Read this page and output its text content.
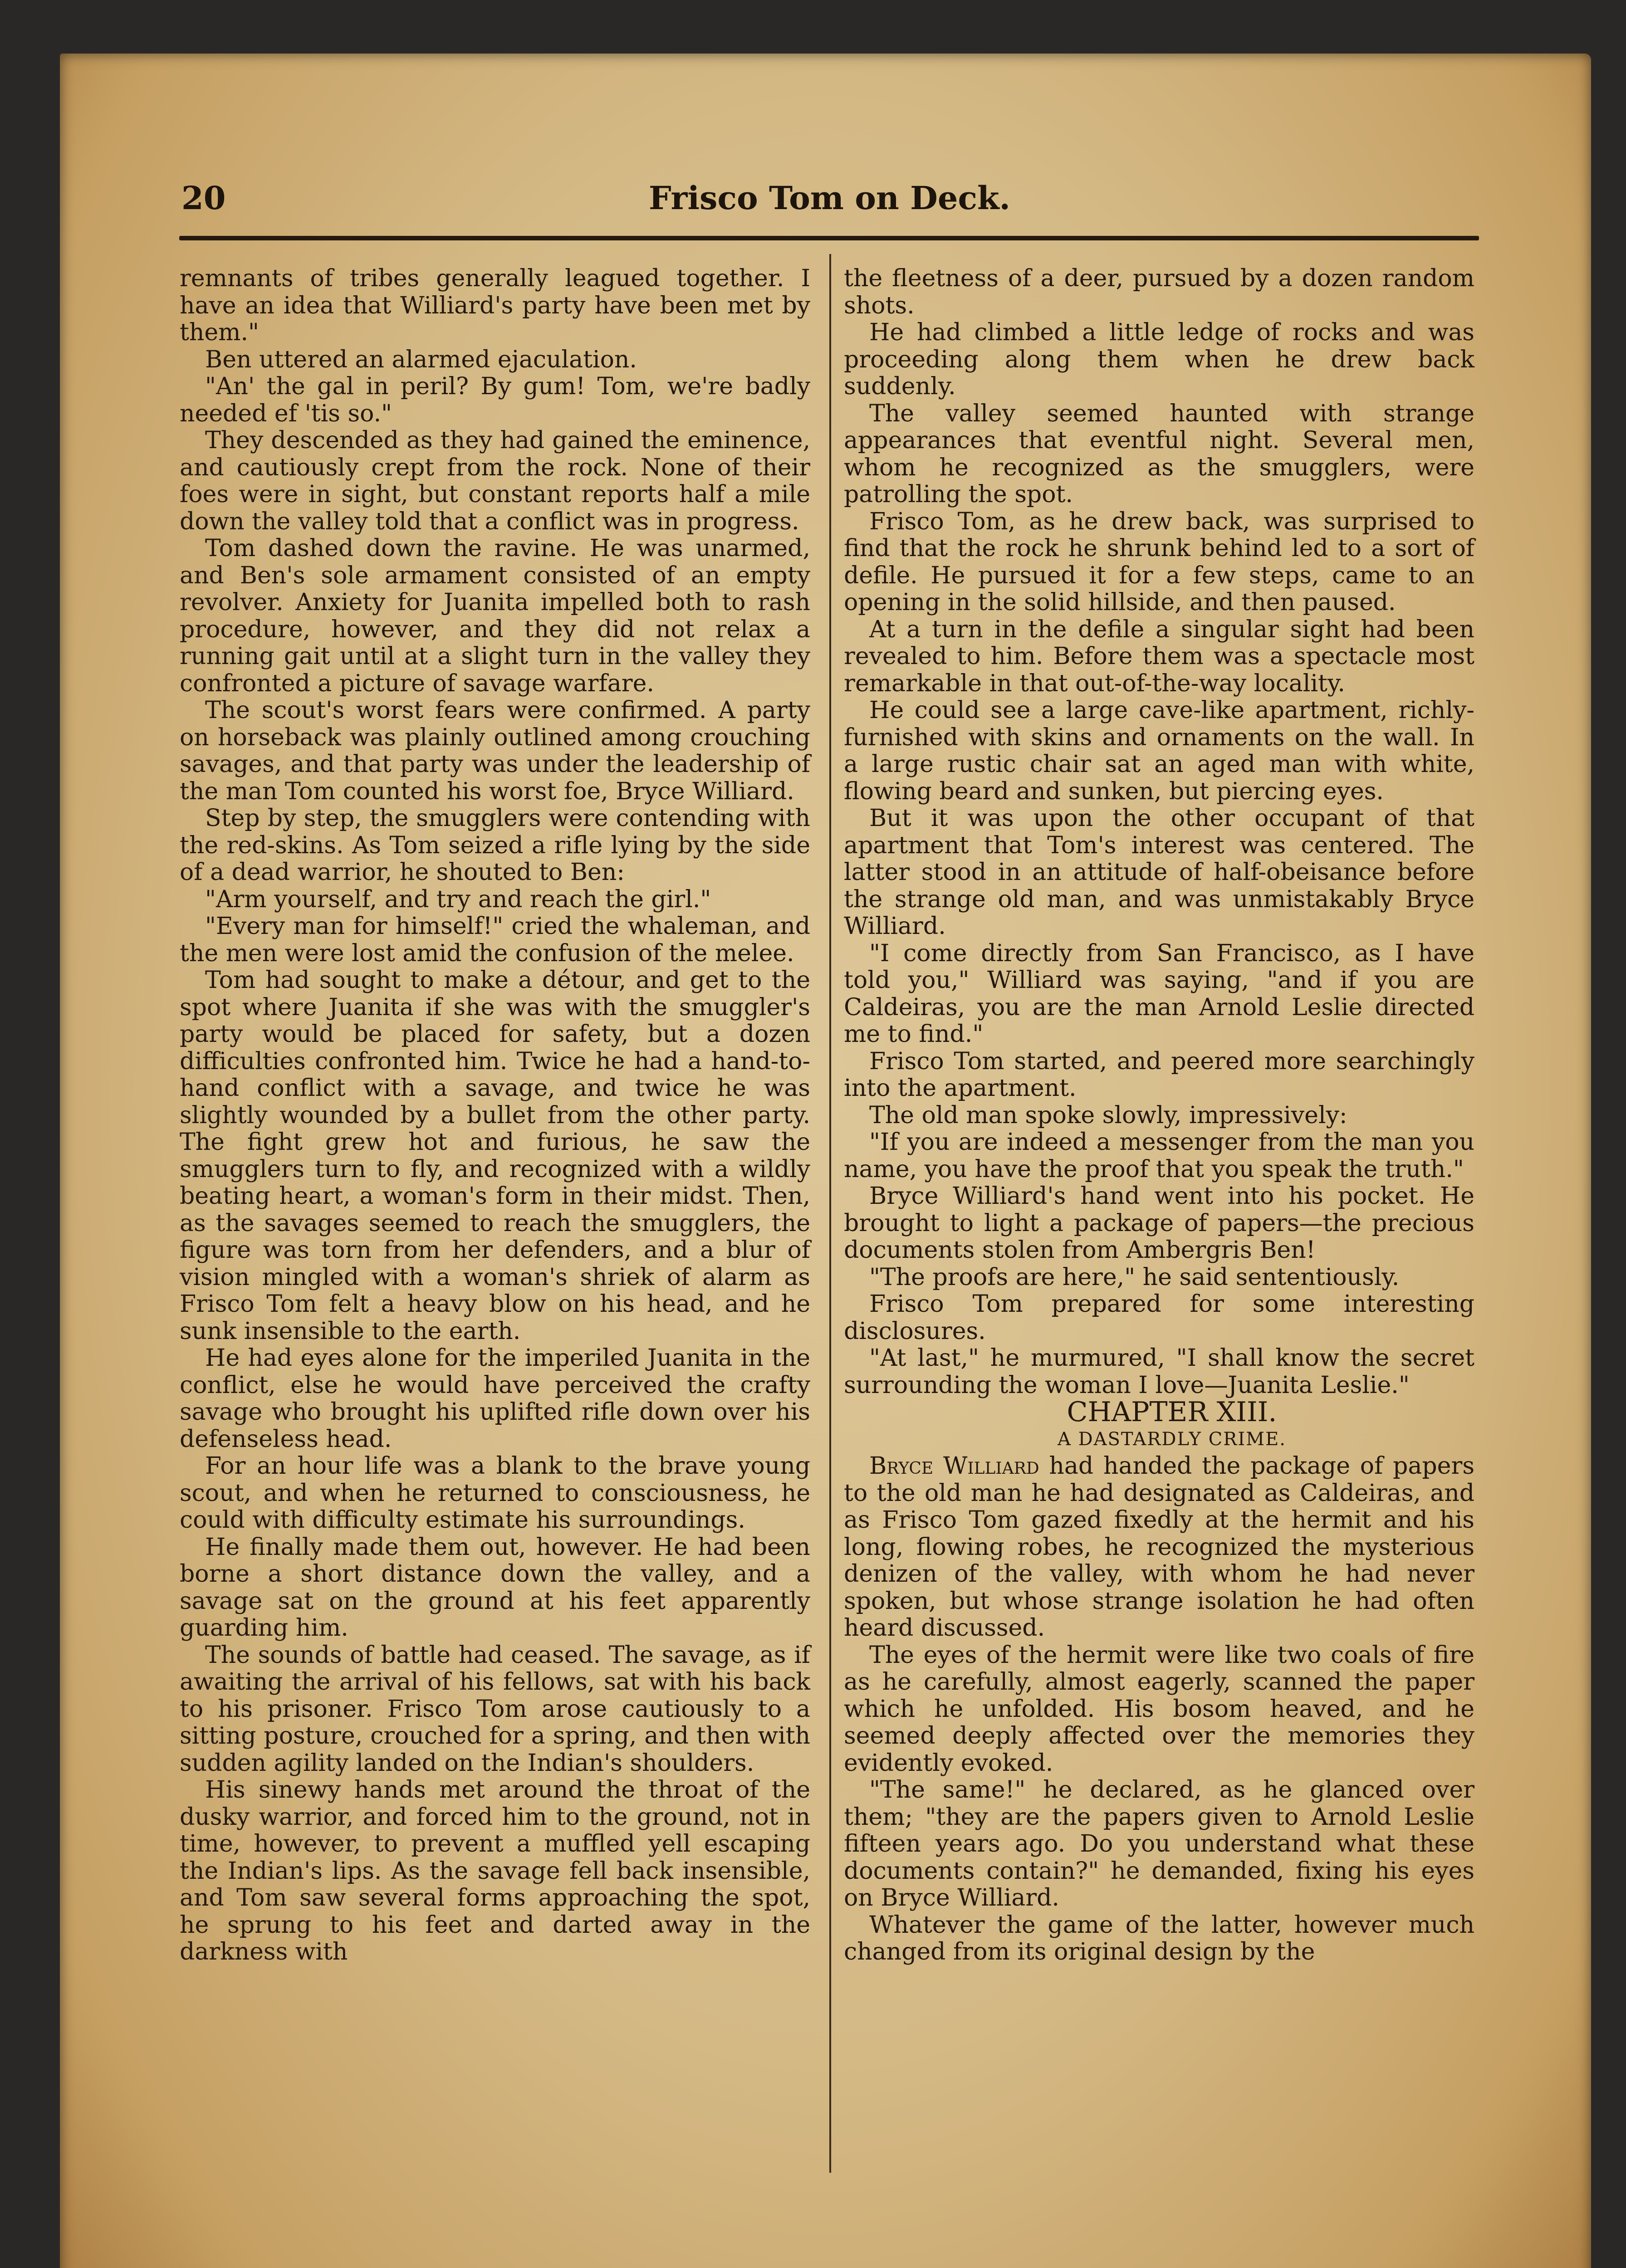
20	Frisco Tom on Deck.

remnants of tribes generally leagued together. I have an idea that Williard's party have been met by them."

Ben uttered an alarmed ejaculation.

"An' the gal in peril? By gum! Tom, we're badly needed ef 'tis so."

They descended as they had gained the eminence, and cautiously crept from the rock. None of their foes were in sight, but constant reports half a mile down the valley told that a conflict was in progress.

Tom dashed down the ravine. He was unarmed, and Ben's sole armament consisted of an empty revolver. Anxiety for Juanita impelled both to rash procedure, however, and they did not relax a running gait until at a slight turn in the valley they confronted a picture of savage warfare.

The scout's worst fears were confirmed. A party on horseback was plainly outlined among crouching savages, and that party was under the leadership of the man Tom counted his worst foe, Bryce Williard.

Step by step, the smugglers were contending with the red-skins. As Tom seized a rifle lying by the side of a dead warrior, he shouted to Ben:

"Arm yourself, and try and reach the girl."

"Every man for himself!" cried the whaleman, and the men were lost amid the confusion of the melee.

Tom had sought to make a détour, and get to the spot where Juanita if she was with the smuggler's party would be placed for safety, but a dozen difficulties confronted him. Twice he had a hand-to-hand conflict with a savage, and twice he was slightly wounded by a bullet from the other party. The fight grew hot and furious, he saw the smugglers turn to fly, and recognized with a wildly beating heart, a woman's form in their midst. Then, as the savages seemed to reach the smugglers, the figure was torn from her defenders, and a blur of vision mingled with a woman's shriek of alarm as Frisco Tom felt a heavy blow on his head, and he sunk insensible to the earth.

He had eyes alone for the imperiled Juanita in the conflict, else he would have perceived the crafty savage who brought his uplifted rifle down over his defenseless head.

For an hour life was a blank to the brave young scout, and when he returned to consciousness, he could with difficulty estimate his surroundings.

He finally made them out, however. He had been borne a short distance down the valley, and a savage sat on the ground at his feet apparently guarding him.

The sounds of battle had ceased. The savage, as if awaiting the arrival of his fellows, sat with his back to his prisoner. Frisco Tom arose cautiously to a sitting posture, crouched for a spring, and then with sudden agility landed on the Indian's shoulders.

His sinewy hands met around the throat of the dusky warrior, and forced him to the ground, not in time, however, to prevent a muffled yell escaping the Indian's lips. As the savage fell back insensible, and Tom saw several forms approaching the spot, he sprung to his feet and darted away in the darkness with

the fleetness of a deer, pursued by a dozen random shots.

He had climbed a little ledge of rocks and was proceeding along them when he drew back suddenly.

The valley seemed haunted with strange appearances that eventful night. Several men, whom he recognized as the smugglers, were patrolling the spot.

Frisco Tom, as he drew back, was surprised to find that the rock he shrunk behind led to a sort of defile. He pursued it for a few steps, came to an opening in the solid hillside, and then paused.

At a turn in the defile a singular sight had been revealed to him. Before them was a spectacle most remarkable in that out-of-the-way locality.

He could see a large cave-like apartment, richly-furnished with skins and ornaments on the wall. In a large rustic chair sat an aged man with white, flowing beard and sunken, but piercing eyes.

But it was upon the other occupant of that apartment that Tom's interest was centered. The latter stood in an attitude of half-obeisance before the strange old man, and was unmistakably Bryce Williard.

"I come directly from San Francisco, as I have told you," Williard was saying, "and if you are Caldeiras, you are the man Arnold Leslie directed me to find."

Frisco Tom started, and peered more searchingly into the apartment.

The old man spoke slowly, impressively:

"If you are indeed a messenger from the man you name, you have the proof that you speak the truth."

Bryce Williard's hand went into his pocket. He brought to light a package of papers—the precious documents stolen from Ambergris Ben!

"The proofs are here," he said sententiously.

Frisco Tom prepared for some interesting disclosures.

"At last," he murmured, "I shall know the secret surrounding the woman I love—Juanita Leslie."

CHAPTER XIII.

A DASTARDLY CRIME.

Bryce Williard had handed the package of papers to the old man he had designated as Caldeiras, and as Frisco Tom gazed fixedly at the hermit and his long, flowing robes, he recognized the mysterious denizen of the valley, with whom he had never spoken, but whose strange isolation he had often heard discussed.

The eyes of the hermit were like two coals of fire as he carefully, almost eagerly, scanned the paper which he unfolded. His bosom heaved, and he seemed deeply affected over the memories they evidently evoked.

"The same!" he declared, as he glanced over them; "they are the papers given to Arnold Leslie fifteen years ago. Do you understand what these documents contain?" he demanded, fixing his eyes on Bryce Williard.

Whatever the game of the latter, however much changed from its original design by the
